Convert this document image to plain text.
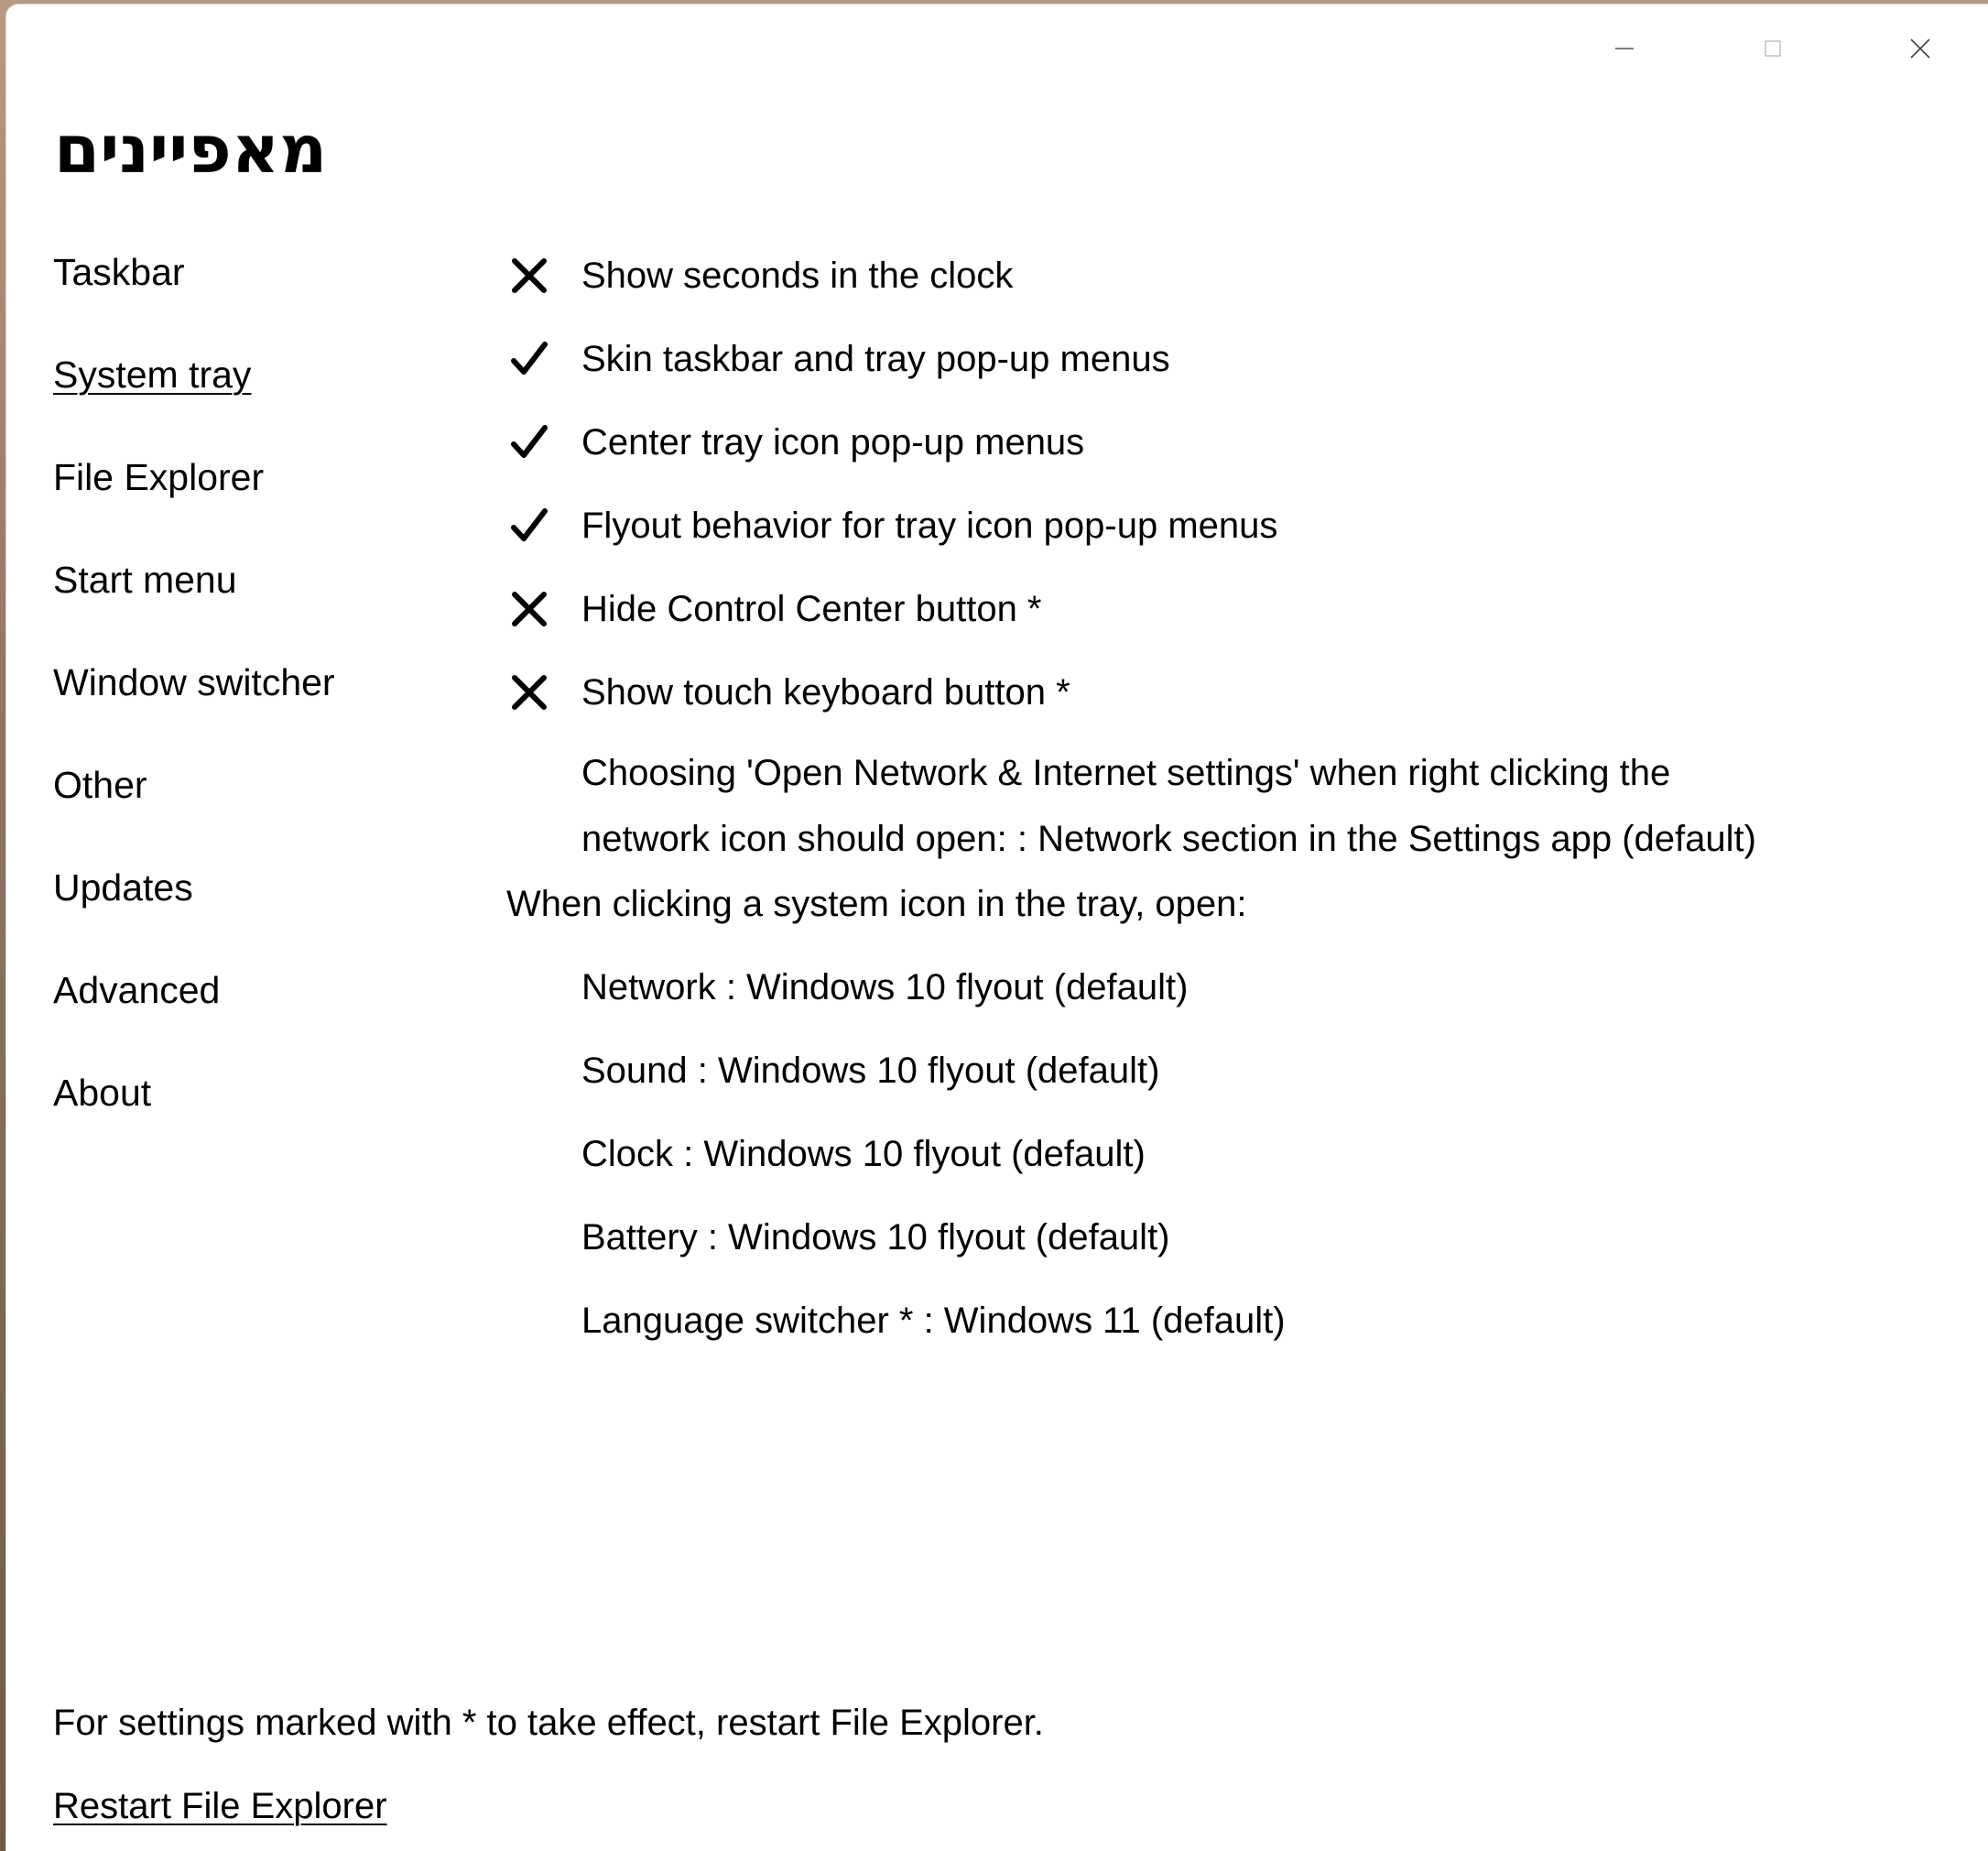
מאפיינים
Taskbar
System tray
File Explorer
Start menu
Window switcher
Other
Updates
Advanced
About
Show seconds in the clock
Skin taskbar and tray pop-up menus
Center tray icon pop-up menus
Flyout behavior for tray icon pop-up menus
Hide Control Center button *
Show touch keyboard button *
Choosing 'Open Network & Internet settings' when right clicking the
network icon should open: : Network section in the Settings app (default)
When clicking a system icon in the tray, open:
Network : Windows 10 flyout (default)
Sound : Windows 10 flyout (default)
Clock : Windows 10 flyout (default)
Battery : Windows 10 flyout (default)
Language switcher * : Windows 11 (default)
For settings marked with * to take effect, restart File Explorer.
Restart File Explorer
